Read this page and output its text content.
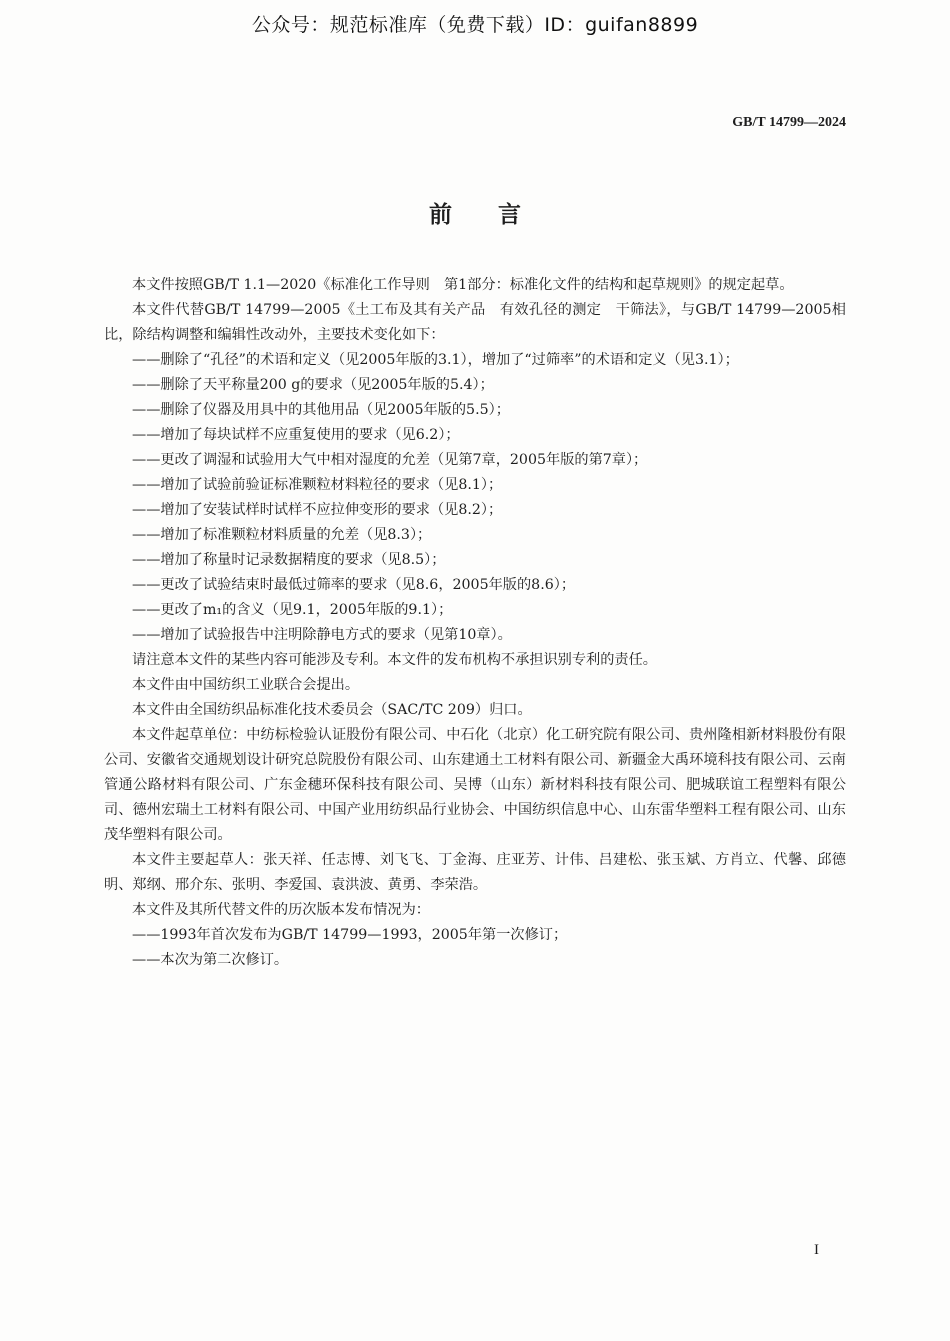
公众号：规范标准库（免费下载）ID：guifan8899
GB/T 14799—2024
前言

本文件按照GB/T 1.1—2020《标准化工作导则　第1部分：标准化文件的结构和起草规则》的规定起草。

本文件代替GB/T 14799—2005《土工布及其有关产品　有效孔径的测定　干筛法》，与GB/T 14799—2005相比，除结构调整和编辑性改动外，主要技术变化如下：

——删除了“孔径”的术语和定义（见2005年版的3.1），增加了“过筛率”的术语和定义（见3.1）；

——删除了天平称量200 g的要求（见2005年版的5.4）；

——删除了仪器及用具中的其他用品（见2005年版的5.5）；

——增加了每块试样不应重复使用的要求（见6.2）；

——更改了调湿和试验用大气中相对湿度的允差（见第7章，2005年版的第7章）；

——增加了试验前验证标准颗粒材料粒径的要求（见8.1）；

——增加了安装试样时试样不应拉伸变形的要求（见8.2）；

——增加了标准颗粒材料质量的允差（见8.3）；

——增加了称量时记录数据精度的要求（见8.5）；

——更改了试验结束时最低过筛率的要求（见8.6，2005年版的8.6）；

——更改了m₁的含义（见9.1，2005年版的9.1）；

——增加了试验报告中注明除静电方式的要求（见第10章）。

请注意本文件的某些内容可能涉及专利。本文件的发布机构不承担识别专利的责任。

本文件由中国纺织工业联合会提出。

本文件由全国纺织品标准化技术委员会（SAC/TC 209）归口。

本文件起草单位：中纺标检验认证股份有限公司、中石化（北京）化工研究院有限公司、贵州隆相新材料股份有限公司、安徽省交通规划设计研究总院股份有限公司、山东建通土工材料有限公司、新疆金大禹环境科技有限公司、云南管通公路材料有限公司、广东金穗环保科技有限公司、吴博（山东）新材料科技有限公司、肥城联谊工程塑料有限公司、德州宏瑞土工材料有限公司、中国产业用纺织品行业协会、中国纺织信息中心、山东雷华塑料工程有限公司、山东茂华塑料有限公司。

本文件主要起草人：张天祥、任志博、刘飞飞、丁金海、庄亚芳、计伟、吕建松、张玉斌、方肖立、代馨、邱德明、郑纲、邢介东、张明、李爱国、袁洪波、黄勇、李荣浩。

本文件及其所代替文件的历次版本发布情况为：

——1993年首次发布为GB/T 14799—1993，2005年第一次修订；

——本次为第二次修订。

I
